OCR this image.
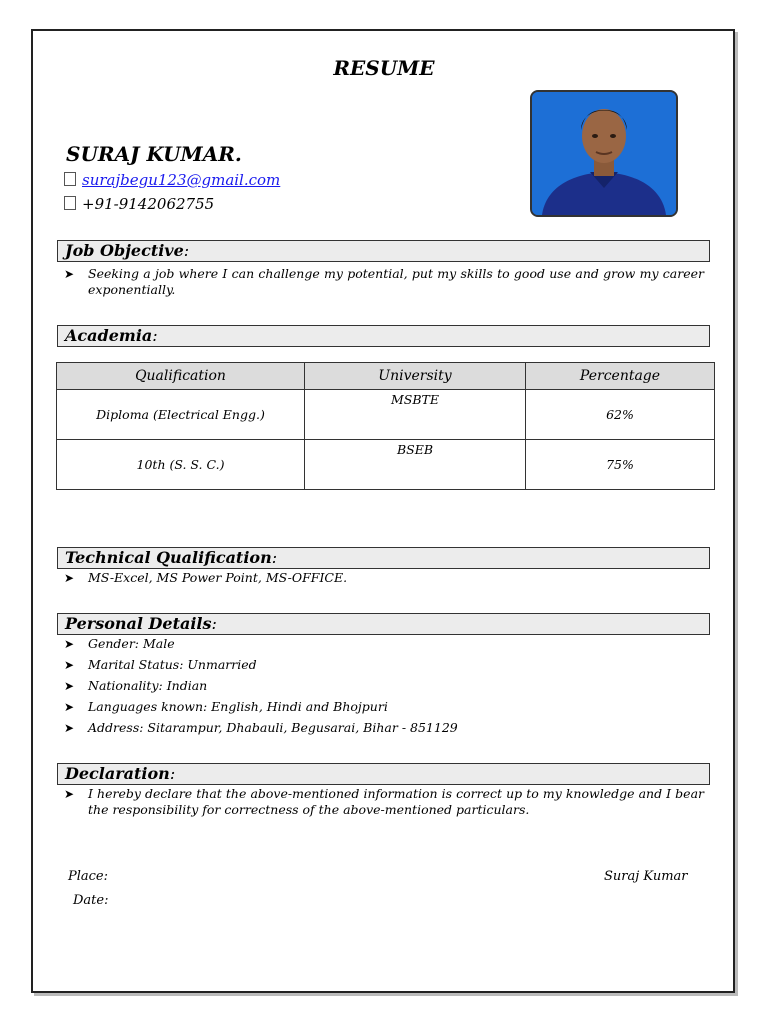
RESUME
SURAJ KUMAR.
surajbegu123@gmail.com
+91-9142062755
Job Objective:
➤ Seeking a job where I can challenge my potential, put my skills to good use and grow my career exponentially.
Academia:
Qualification	University	Percentage
Diploma (Electrical Engg.)	MSBTE	62%
10th (S. S. C.)	BSEB	75%
Technical Qualification:
➤ MS-Excel, MS Power Point, MS-OFFICE.
Personal Details:
➤ Gender: Male
➤ Marital Status: Unmarried
➤ Nationality: Indian
➤ Languages known: English, Hindi and Bhojpuri
➤ Address: Sitarampur, Dhabauli, Begusarai, Bihar - 851129
Declaration:
➤ I hereby declare that the above-mentioned information is correct up to my knowledge and I bear the responsibility for correctness of the above-mentioned particulars.
Place:
Date:
Suraj Kumar
